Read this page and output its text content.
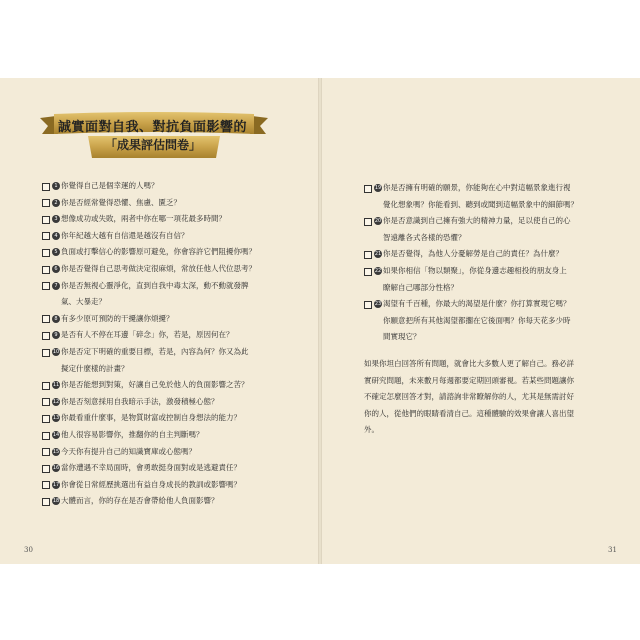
誠實面對自我、對抗負面影響的
「成果評估問卷」
1 你覺得自己是個幸運的人嗎？
2 你是否經常覺得恐懼、焦慮、匱乏？
3 想像成功或失敗，兩者中你在哪一項花最多時間？
4 你年紀越大越有自信還是越沒有自信？
5 負面或打擊信心的影響原可避免，你會容許它們阻擾你嗎？
6 你是否覺得自己思考做決定很麻煩，常放任他人代位思考？
7 你是否無視心靈淨化，直到自我中毒太深，動不動就發脾
氣、大暴走？
8 有多少原可預防的干擾讓你煩擾？
9 是否有人不停在耳邊「碎念」你，若是，原因何在？
10 你是否定下明確的重要目標，若是，內容為何？你又為此
擬定什麼樣的計畫？
11 你是否能想到對策，好讓自己免於他人的負面影響之苦？
12 你是否刻意採用自我暗示手法，激發積極心態？
13 你最看重什麼事，是物質財富或控制自身想法的能力？
14 他人很容易影響你，推翻你的自主判斷嗎？
15 今天你有提升自己的知識寶庫或心態嗎？
16 當你遭遇不幸局面時，會勇敢挺身面對或是逃避責任？
17 你會從日常經歷挑選出有益自身成長的教訓或影響嗎？
18 大體而言，你的存在是否會帶給他人負面影響？
19 你是否擁有明確的願景，你能夠在心中對這幅景象進行視
覺化想象嗎？你能看到、聽到或聞到這幅景象中的細節嗎？
20 你是否意識到自己擁有強大的精神力量，足以使自己的心
智遠離各式各樣的恐懼？
21 你是否覺得，為他人分憂解勞是自己的責任？為什麼？
22 如果你相信「物以類聚」，你從身邊志趣相投的朋友身上
瞭解自己哪部分性格？
23 渴望有千百種，你最大的渴望是什麼？你打算實現它嗎？
你願意把所有其他渴望都擱在它後面嗎？你每天花多少時
間實現它？
如果你坦白回答所有問題，就會比大多數人更了解自己。務必詳
實研究問題，未來數月每週都要定期回頭審視。若某些問題讓你
不確定怎麼回答才對，請諮詢非常瞭解你的人，尤其是無需討好
你的人，從他們的眼睛看清自己。這種體驗的效果會讓人喜出望
外。
30	31
